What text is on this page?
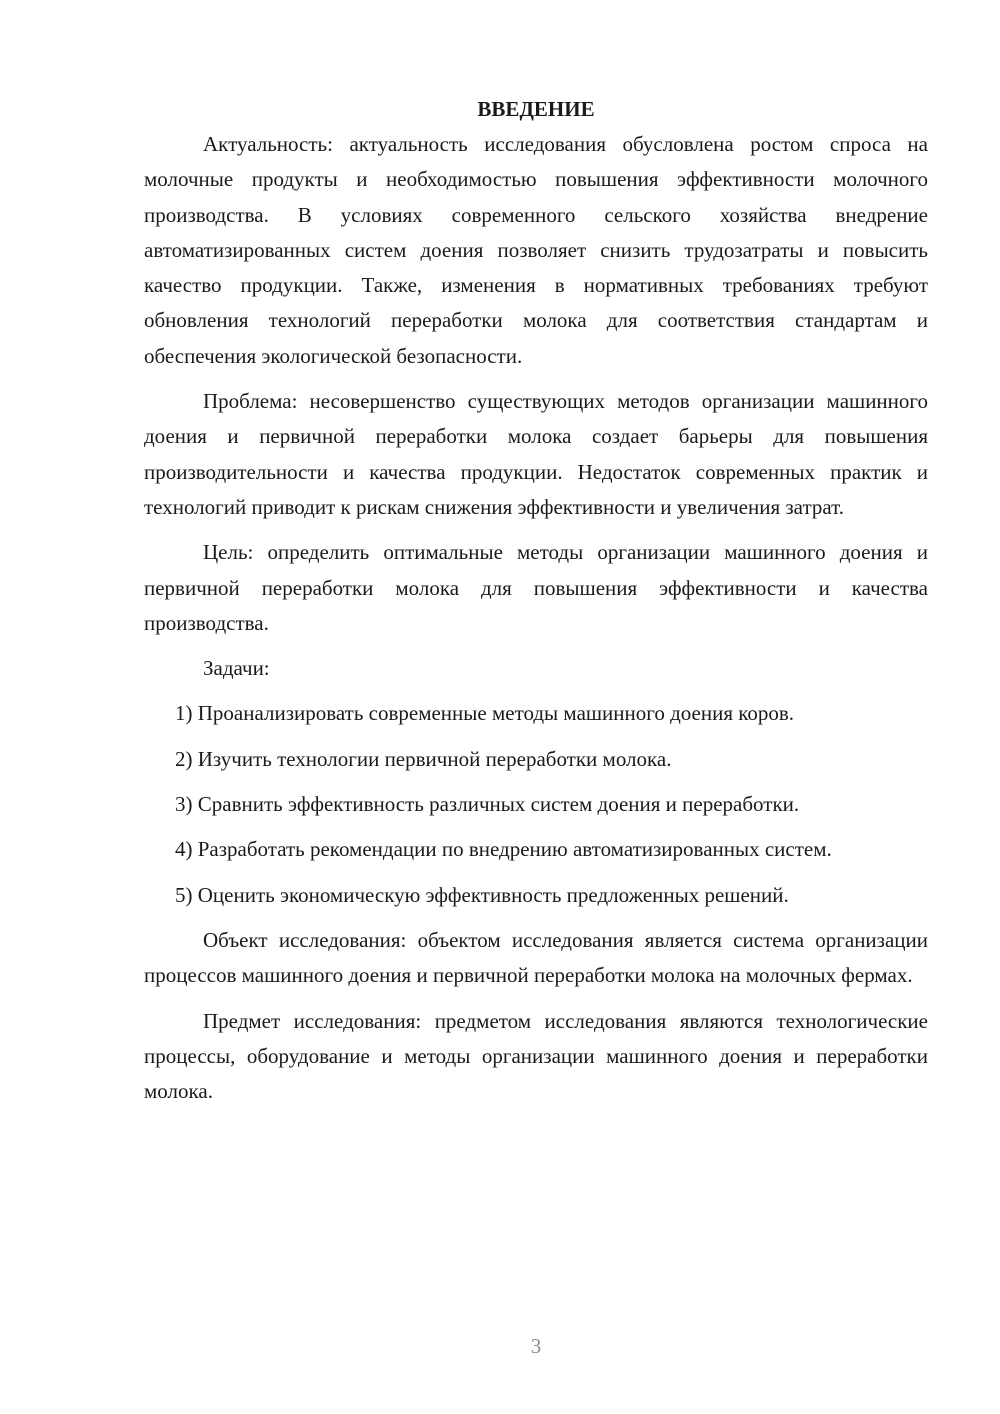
ВВЕДЕНИЕ

Актуальность: актуальность исследования обусловлена ростом спроса на молочные продукты и необходимостью повышения эффективности молочного производства. В условиях современного сельского хозяйства внедрение автоматизированных систем доения позволяет снизить трудозатраты и повысить качество продукции. Также, изменения в нормативных требованиях требуют обновления технологий переработки молока для соответствия стандартам и обеспечения экологической безопасности.

Проблема: несовершенство существующих методов организации машинного доения и первичной переработки молока создает барьеры для повышения производительности и качества продукции. Недостаток современных практик и технологий приводит к рискам снижения эффективности и увеличения затрат.

Цель: определить оптимальные методы организации машинного доения и первичной переработки молока для повышения эффективности и качества производства.

Задачи:

1) Проанализировать современные методы машинного доения коров.

2) Изучить технологии первичной переработки молока.

3) Сравнить эффективность различных систем доения и переработки.

4) Разработать рекомендации по внедрению автоматизированных систем.

5) Оценить экономическую эффективность предложенных решений.

Объект исследования: объектом исследования является система организации процессов машинного доения и первичной переработки молока на молочных фермах.

Предмет исследования: предметом исследования являются технологические процессы, оборудование и методы организации машинного доения и переработки молока.

3
